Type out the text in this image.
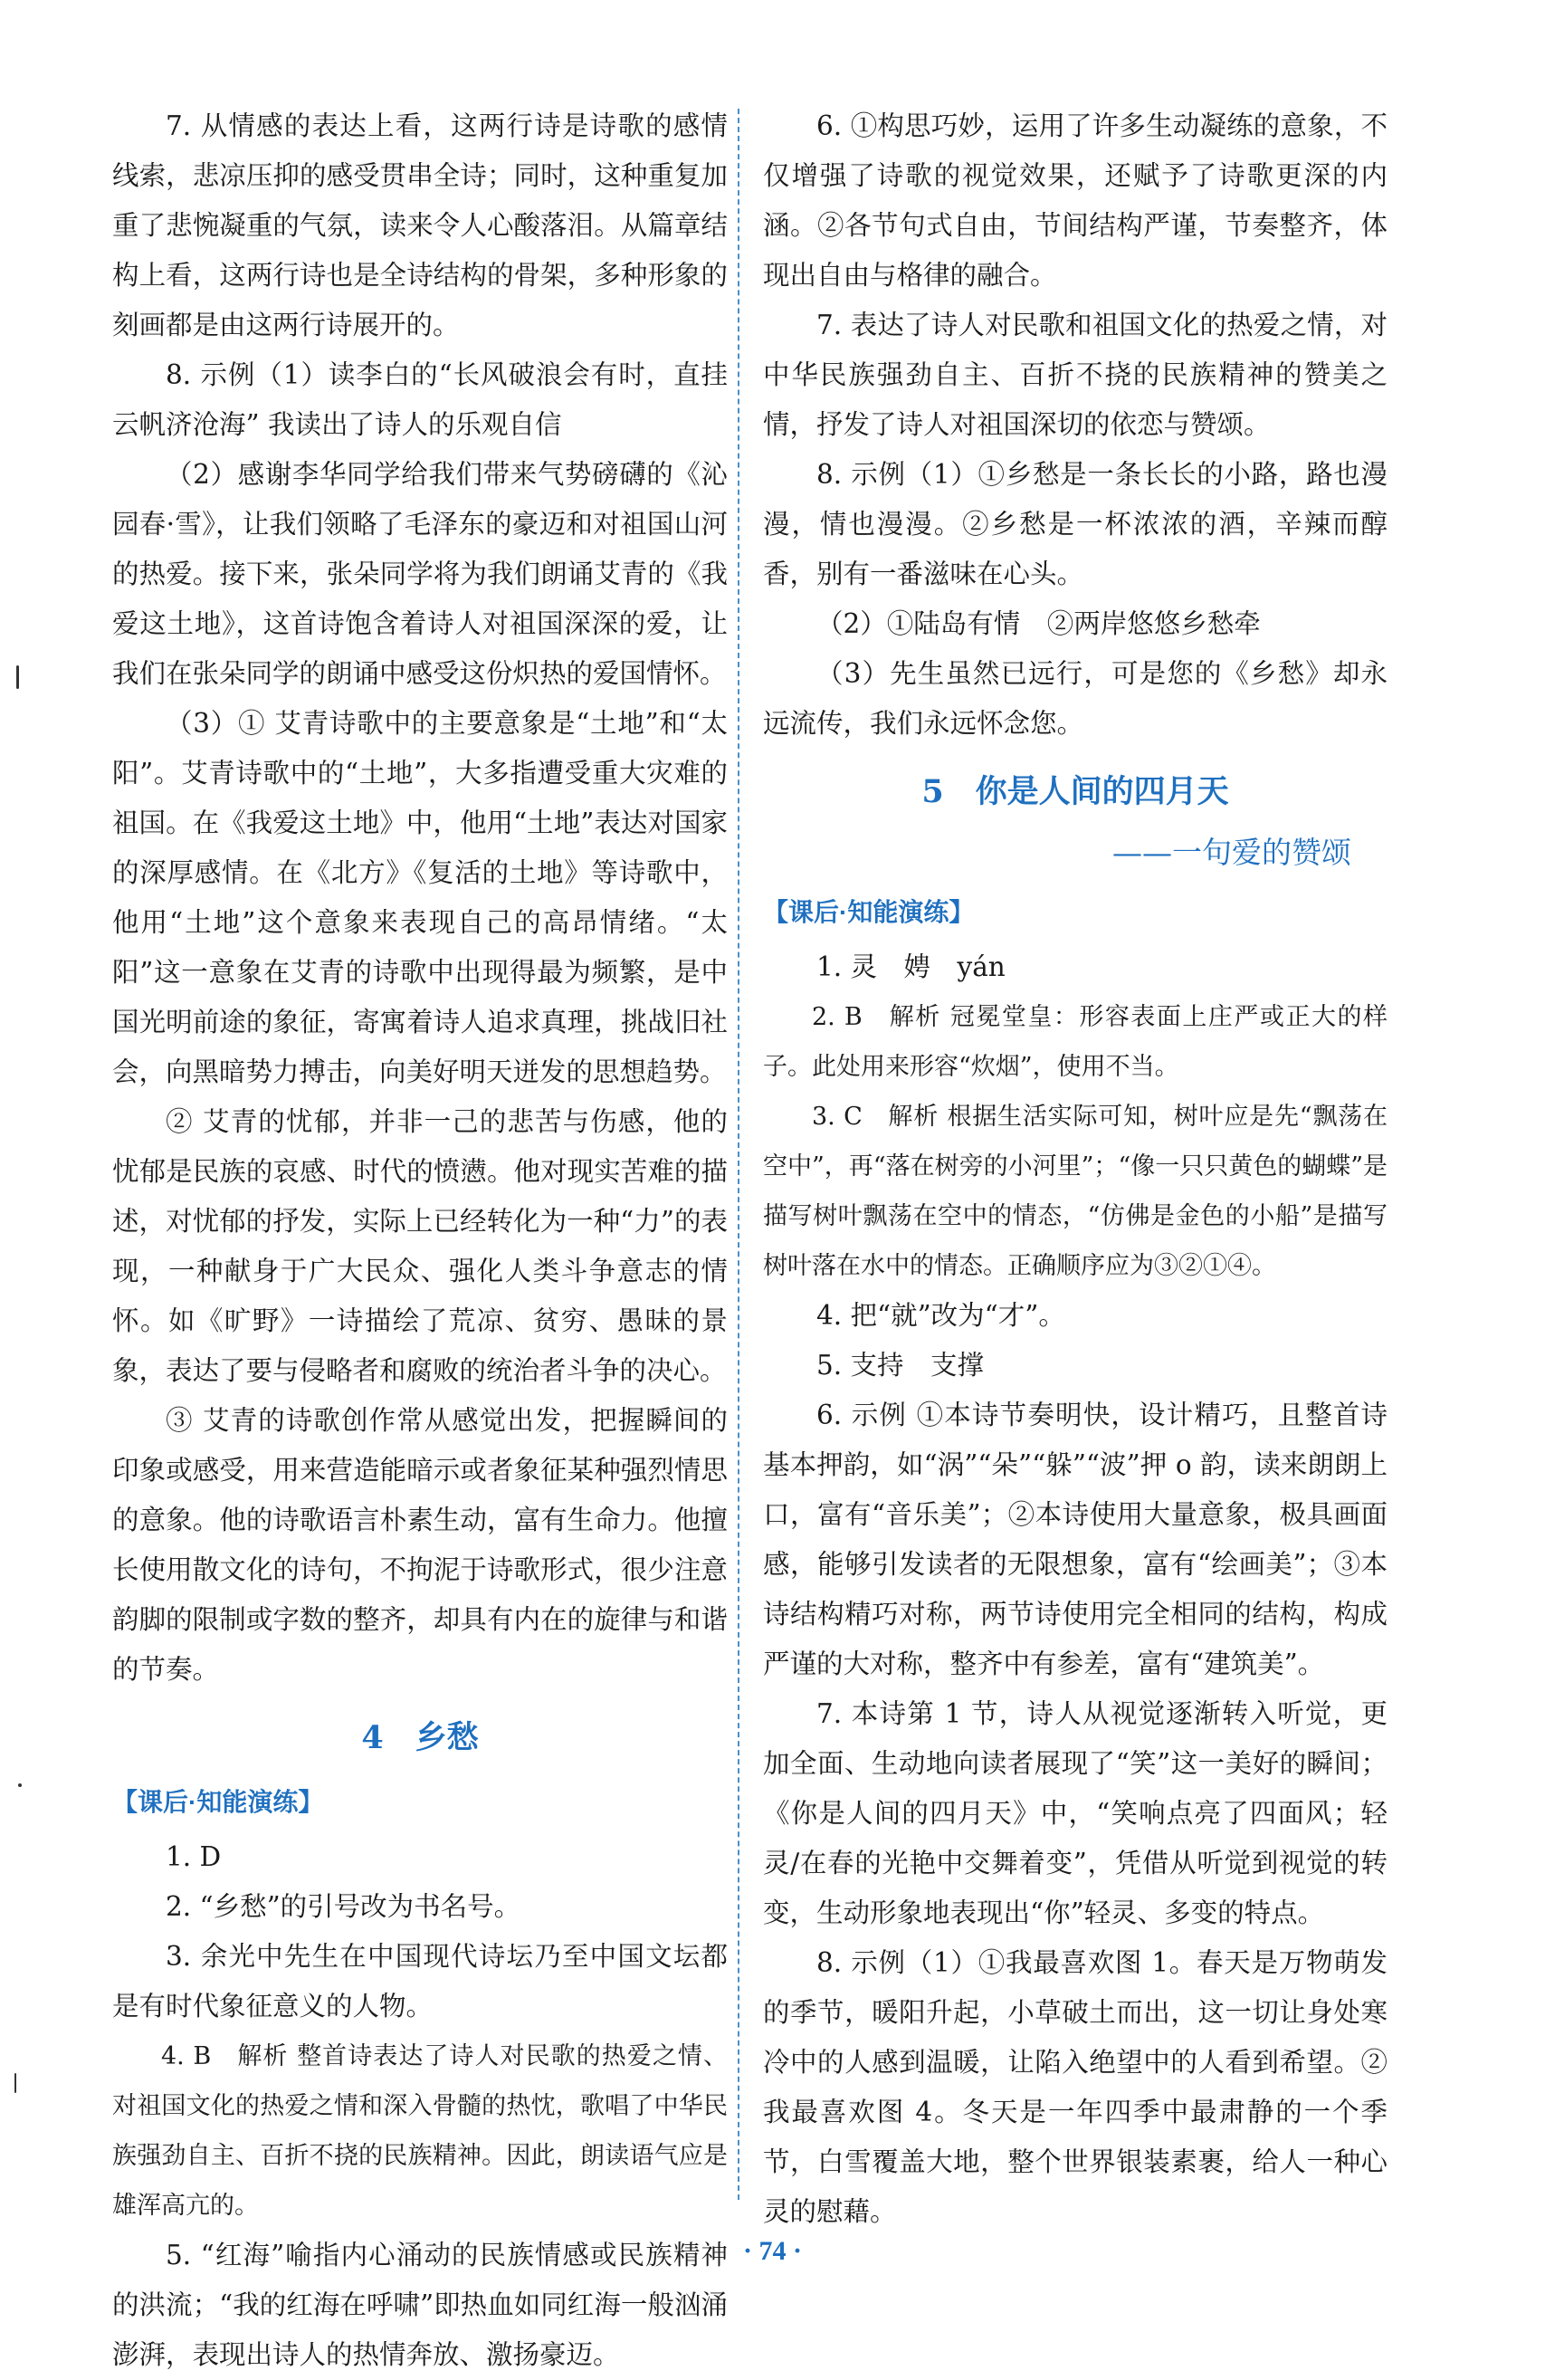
7. 从情感的表达上看，这两行诗是诗歌的感情线索，悲凉压抑的感受贯串全诗；同时，这种重复加重了悲惋凝重的气氛，读来令人心酸落泪。从篇章结构上看，这两行诗也是全诗结构的骨架，多种形象的刻画都是由这两行诗展开的。

8. 示例（1）读李白的“长风破浪会有时，直挂云帆济沧海” 我读出了诗人的乐观自信

（2）感谢李华同学给我们带来气势磅礴的《沁园春·雪》，让我们领略了毛泽东的豪迈和对祖国山河的热爱。接下来，张朵同学将为我们朗诵艾青的《我爱这土地》，这首诗饱含着诗人对祖国深深的爱，让我们在张朵同学的朗诵中感受这份炽热的爱国情怀。

（3）① 艾青诗歌中的主要意象是“土地”和“太阳”。艾青诗歌中的“土地”，大多指遭受重大灾难的祖国。在《我爱这土地》中，他用“土地”表达对国家的深厚感情。在《北方》《复活的土地》等诗歌中，他用“土地”这个意象来表现自己的高昂情绪。“太阳”这一意象在艾青的诗歌中出现得最为频繁，是中国光明前途的象征，寄寓着诗人追求真理，挑战旧社会，向黑暗势力搏击，向美好明天迸发的思想趋势。

② 艾青的忧郁，并非一己的悲苦与伤感，他的忧郁是民族的哀感、时代的愤懑。他对现实苦难的描述，对忧郁的抒发，实际上已经转化为一种“力”的表现，一种献身于广大民众、强化人类斗争意志的情怀。如《旷野》一诗描绘了荒凉、贫穷、愚昧的景象，表达了要与侵略者和腐败的统治者斗争的决心。

③ 艾青的诗歌创作常从感觉出发，把握瞬间的印象或感受，用来营造能暗示或者象征某种强烈情思的意象。他的诗歌语言朴素生动，富有生命力。他擅长使用散文化的诗句，不拘泥于诗歌形式，很少注意韵脚的限制或字数的整齐，却具有内在的旋律与和谐的节奏。

4　乡愁
【课后·知能演练】

1. D

2. “乡愁”的引号改为书名号。

3. 余光中先生在中国现代诗坛乃至中国文坛都是有时代象征意义的人物。

4. B　解析 整首诗表达了诗人对民歌的热爱之情、对祖国文化的热爱之情和深入骨髓的热忱，歌唱了中华民族强劲自主、百折不挠的民族精神。因此，朗读语气应是雄浑高亢的。

5. “红海”喻指内心涌动的民族情感或民族精神的洪流；“我的红海在呼啸”即热血如同红海一般汹涌澎湃，表现出诗人的热情奔放、激扬豪迈。

6. ①构思巧妙，运用了许多生动凝练的意象，不仅增强了诗歌的视觉效果，还赋予了诗歌更深的内涵。②各节句式自由，节间结构严谨，节奏整齐，体现出自由与格律的融合。

7. 表达了诗人对民歌和祖国文化的热爱之情，对中华民族强劲自主、百折不挠的民族精神的赞美之情，抒发了诗人对祖国深切的依恋与赞颂。

8. 示例（1）①乡愁是一条长长的小路，路也漫漫，情也漫漫。②乡愁是一杯浓浓的酒，辛辣而醇香，别有一番滋味在心头。

（2）①陆岛有情　②两岸悠悠乡愁牵

（3）先生虽然已远行，可是您的《乡愁》却永远流传，我们永远怀念您。

5　你是人间的四月天
——一句爱的赞颂
【课后·知能演练】

1. 灵　娉　yán

2. B　解析 冠冕堂皇：形容表面上庄严或正大的样子。此处用来形容“炊烟”，使用不当。

3. C　解析 根据生活实际可知，树叶应是先“飘荡在空中”，再“落在树旁的小河里”；“像一只只黄色的蝴蝶”是描写树叶飘荡在空中的情态，“仿佛是金色的小船”是描写树叶落在水中的情态。正确顺序应为③②①④。

4. 把“就”改为“才”。

5. 支持　支撑

6. 示例 ①本诗节奏明快，设计精巧，且整首诗基本押韵，如“涡”“朵”“躲”“波”押 o 韵，读来朗朗上口，富有“音乐美”；②本诗使用大量意象，极具画面感，能够引发读者的无限想象，富有“绘画美”；③本诗结构精巧对称，两节诗使用完全相同的结构，构成严谨的大对称，整齐中有参差，富有“建筑美”。

7. 本诗第 1 节，诗人从视觉逐渐转入听觉，更加全面、生动地向读者展现了“笑”这一美好的瞬间；《你是人间的四月天》中，“笑响点亮了四面风；轻灵/在春的光艳中交舞着变”，凭借从听觉到视觉的转变，生动形象地表现出“你”轻灵、多变的特点。

8. 示例（1）①我最喜欢图 1。春天是万物萌发的季节，暖阳升起，小草破土而出，这一切让身处寒冷中的人感到温暖，让陷入绝望中的人看到希望。②我最喜欢图 4。冬天是一年四季中最肃静的一个季节，白雪覆盖大地，整个世界银装素裹，给人一种心灵的慰藉。

· 74 ·
